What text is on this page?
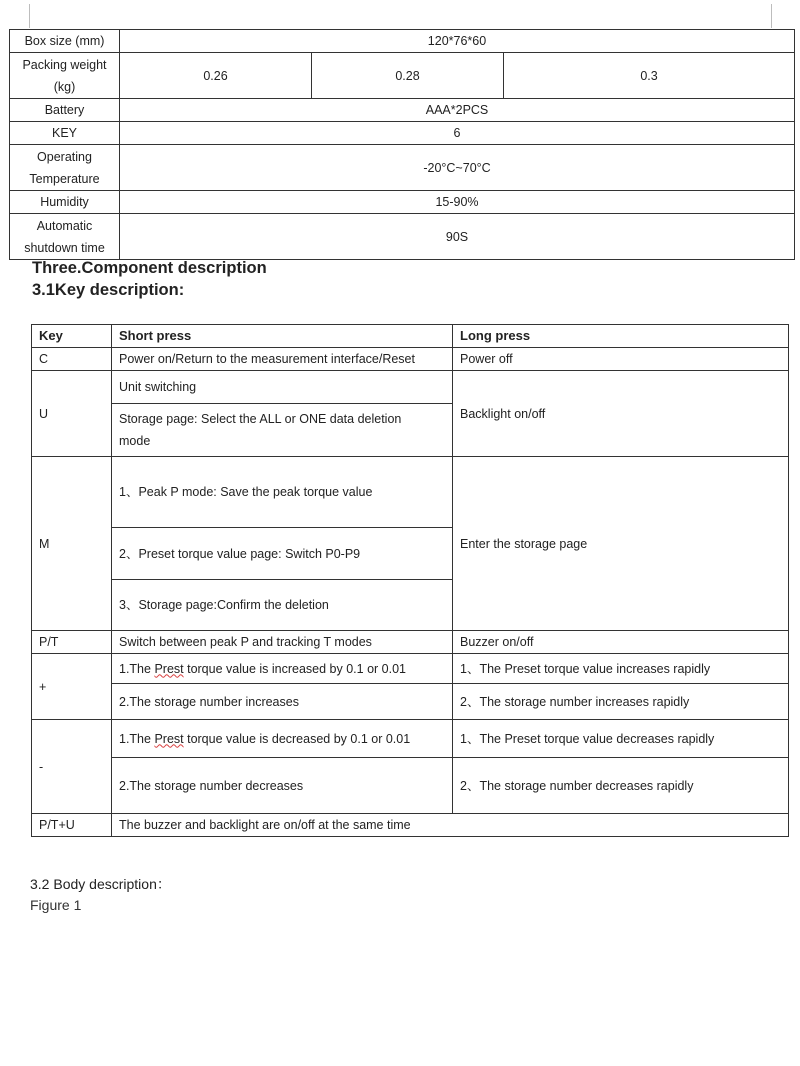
Box size (mm)	120*76*60		
Packing weight
(kg)	0.26	0.28	0.3
Battery	AAA*2PCS		
KEY	6		
Operating
Temperature	-20°C~70°C		
Humidity	15-90%		
Automatic
shutdown time	90S		
Three.Component description
3.1Key description:
Key	Short press	Long press
C	Power on/Return to the measurement interface/Reset	Power off
U	Unit switching	Backlight on/off
	Storage page: Select the ALL or ONE data deletion
mode	
M	1、Peak P mode: Save the peak torque value	Enter the storage page
	2、Preset torque value page: Switch P0-P9	
	3、Storage page:Confirm the deletion	
P/T	Switch between peak P and tracking T modes	Buzzer on/off
+	1.The Prest torque value is increased by 0.1 or 0.01	1、The Preset torque value increases rapidly
	2.The storage number increases	2、The storage number increases rapidly
-	1.The Prest torque value is decreased by 0.1 or 0.01	1、The Preset torque value decreases rapidly
	2.The storage number decreases	2、The storage number decreases rapidly
P/T+U	The buzzer and backlight are on/off at the same time	
3.2 Body description：
Figure 1
